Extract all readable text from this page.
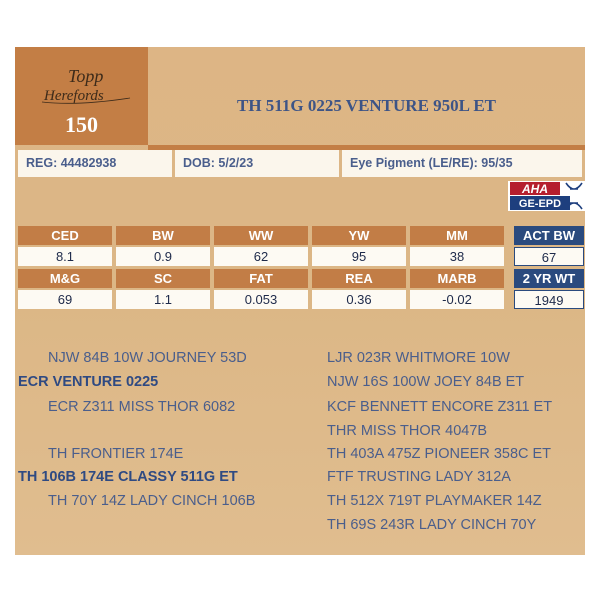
Topp
Herefords
150
TH 511G 0225 VENTURE 950L ET
REG: 44482938	DOB: 5/2/23	Eye Pigment (LE/RE): 95/35
AHA
GE-EPD
CED	BW	WW	YW	MM
8.1	0.9	62	95	38
M&G	SC	FAT	REA	MARB
69	1.1	0.053	0.36	-0.02
ACT BW
67
2 YR WT
1949
NJW 84B 10W JOURNEY 53D
ECR VENTURE 0225
ECR Z311 MISS THOR 6082
TH FRONTIER 174E
TH 106B 174E CLASSY 511G ET
TH 70Y 14Z LADY CINCH 106B
LJR 023R WHITMORE 10W
NJW 16S 100W JOEY 84B ET
KCF BENNETT ENCORE Z311 ET
THR MISS THOR 4047B
TH 403A 475Z PIONEER 358C ET
FTF TRUSTING LADY 312A
TH 512X 719T PLAYMAKER 14Z
TH 69S 243R LADY CINCH 70Y
